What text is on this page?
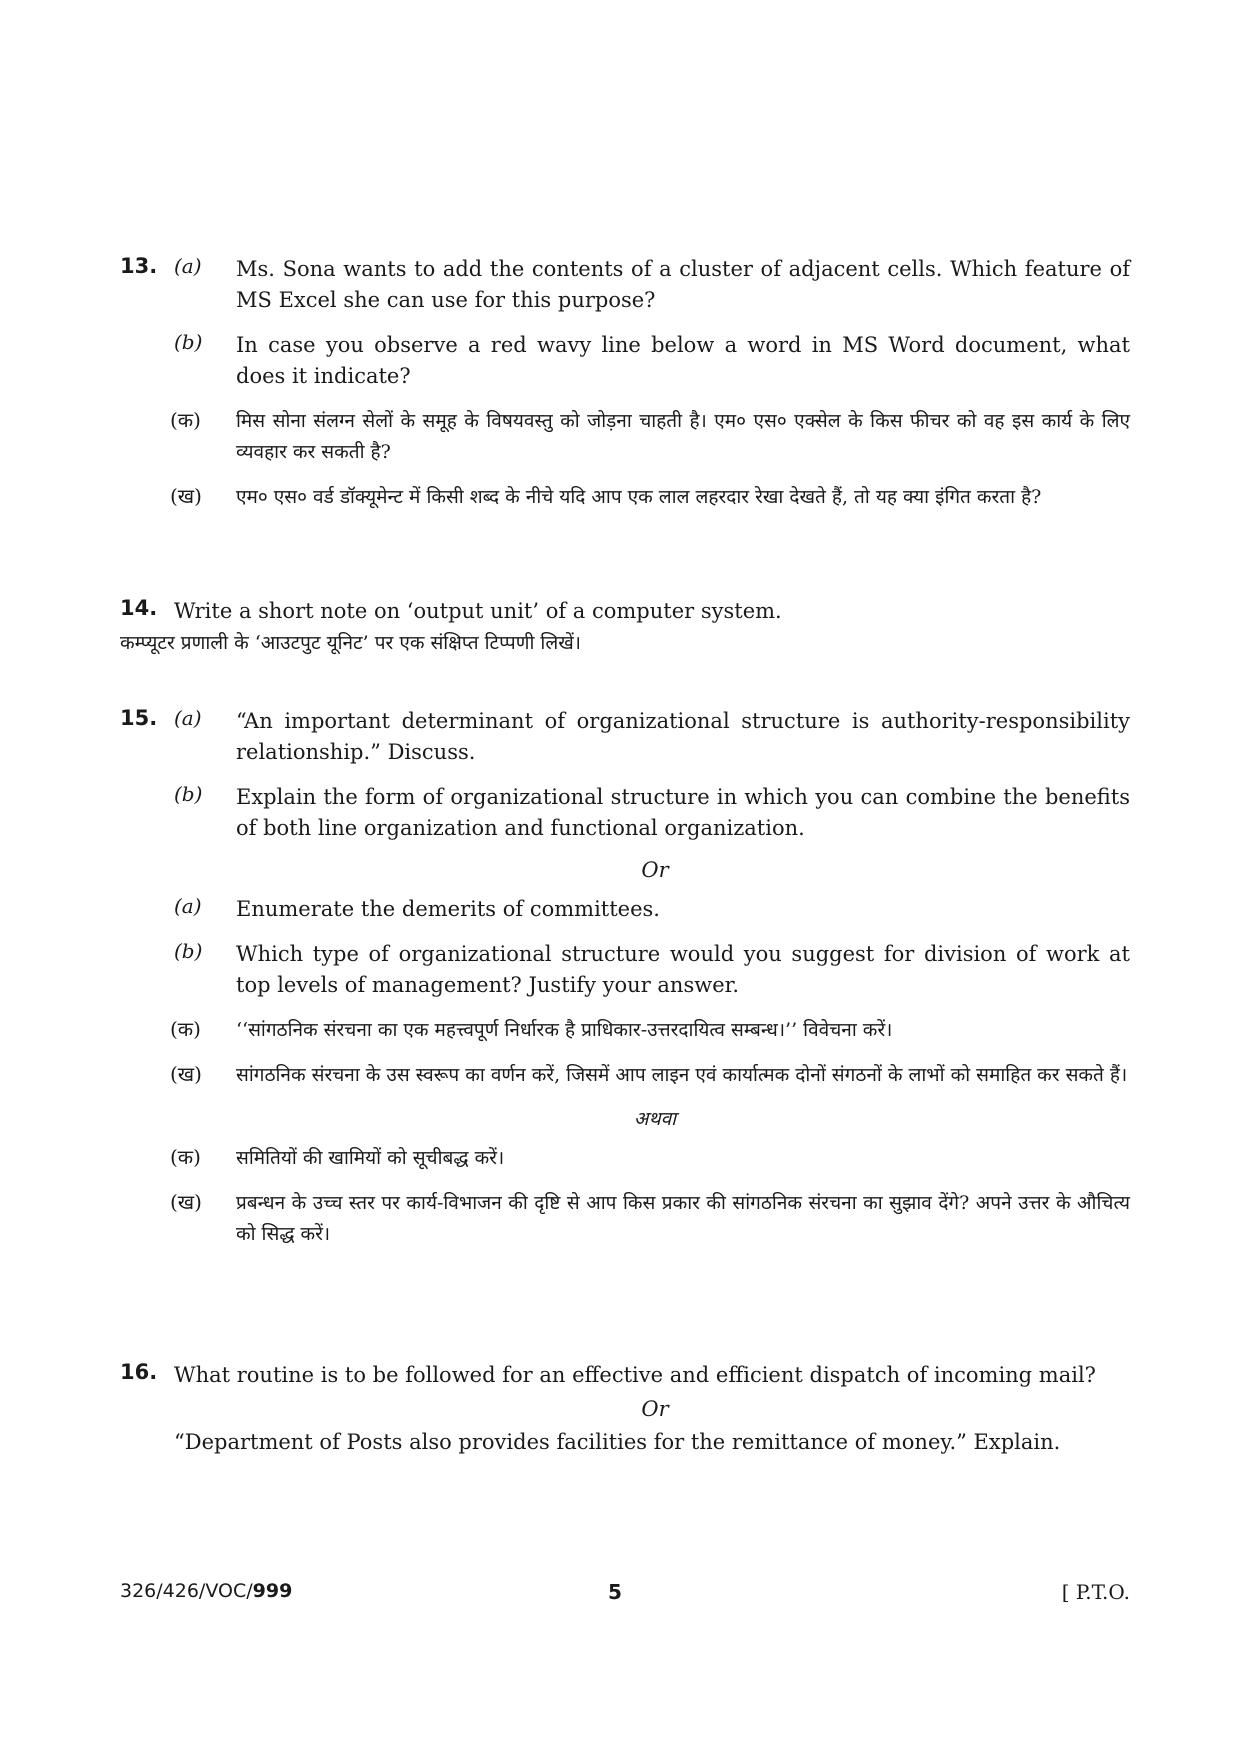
13. (a) Ms. Sona wants to add the contents of a cluster of adjacent cells. Which feature of MS Excel she can use for this purpose?
(b) In case you observe a red wavy line below a word in MS Word document, what does it indicate?
(क) मिस सोना संलग्न सेलों के समूह के विषयवस्तु को जोड़ना चाहती है। एम० एस० एक्सेल के किस फीचर को वह इस कार्य के लिए व्यवहार कर सकती है?
(ख) एम० एस० वर्ड डॉक्यूमेन्ट में किसी शब्द के नीचे यदि आप एक लाल लहरदार रेखा देखते हैं, तो यह क्या इंगित करता है?
14. Write a short note on ‘output unit’ of a computer system.
कम्प्यूटर प्रणाली के ‘आउटपुट यूनिट’ पर एक संक्षिप्त टिप्पणी लिखें।
15. (a) “An important determinant of organizational structure is authority-responsibility relationship.” Discuss.
(b) Explain the form of organizational structure in which you can combine the benefits of both line organization and functional organization.
Or
(a) Enumerate the demerits of committees.
(b) Which type of organizational structure would you suggest for division of work at top levels of management? Justify your answer.
(क) ‘‘सांगठनिक संरचना का एक महत्त्वपूर्ण निर्धारक है प्राधिकार-उत्तरदायित्व सम्बन्ध।’’ विवेचना करें।
(ख) सांगठनिक संरचना के उस स्वरूप का वर्णन करें, जिसमें आप लाइन एवं कार्यात्मक दोनों संगठनों के लाभों को समाहित कर सकते हैं।
अथवा
(क) समितियों की खामियों को सूचीबद्ध करें।
(ख) प्रबन्धन के उच्च स्तर पर कार्य-विभाजन की दृष्टि से आप किस प्रकार की सांगठनिक संरचना का सुझाव देंगे? अपने उत्तर के औचित्य को सिद्ध करें।
16. What routine is to be followed for an effective and efficient dispatch of incoming mail?
Or
“Department of Posts also provides facilities for the remittance of money.” Explain.
326/426/VOC/999	5	[ P.T.O.
